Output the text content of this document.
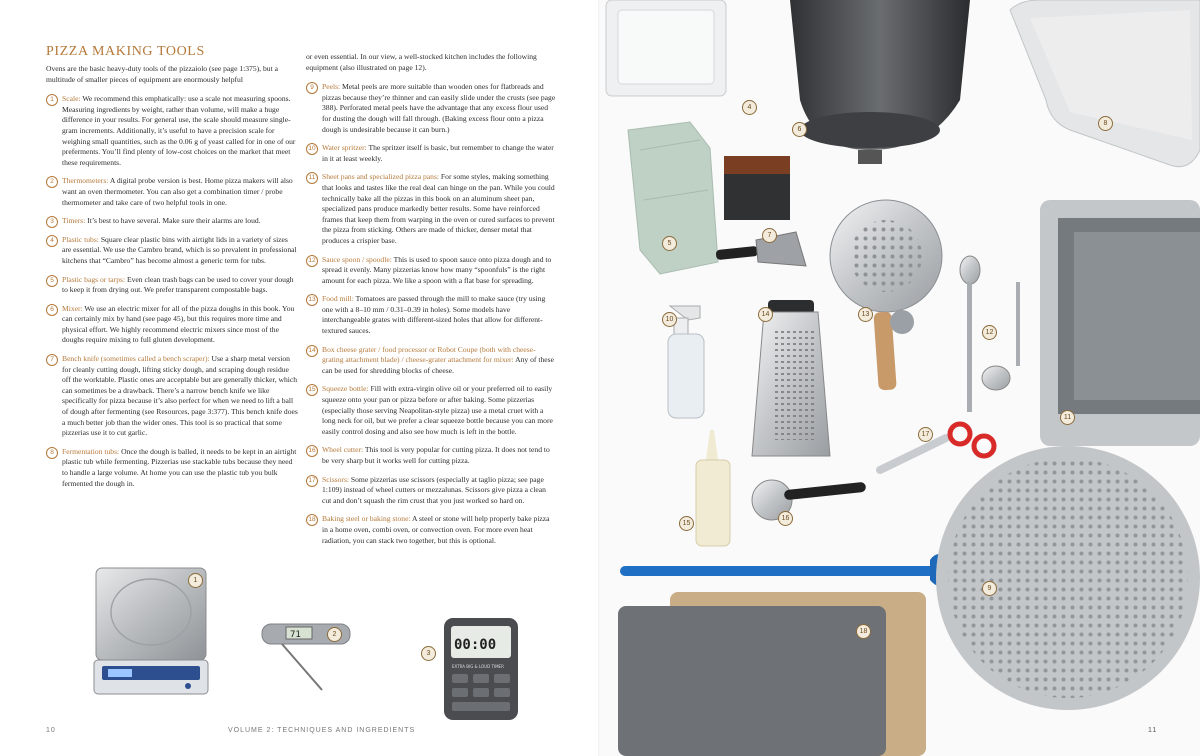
PIZZA MAKING TOOLS

Ovens are the basic heavy-duty tools of the pizzaiolo (see page 1:375), but a multitude of smaller pieces of equipment are enormously helpful

1	Scale: We recommend this emphatically: use a scale not measuring spoons. Measuring ingredients by weight, rather than volume, will make a huge difference in your results. For general use, the scale should measure single-gram increments. Additionally, it’s useful to have a precision scale for weighing small quantities, such as the 0.06 g of yeast called for in one of our preferments. You’ll find plenty of low-cost choices on the market that meet these requirements.
2	Thermometers: A digital probe version is best. Home pizza makers will also want an oven thermometer. You can also get a combination timer / probe thermometer and take care of two helpful tools in one.
3	Timers: It’s best to have several. Make sure their alarms are loud.
4	Plastic tubs: Square clear plastic bins with airtight lids in a variety of sizes are essential. We use the Cambro brand, which is so prevalent in professional kitchens that “Cambro” has become almost a generic term for tubs.
5	Plastic bags or tarps: Even clean trash bags can be used to cover your dough to keep it from drying out. We prefer transparent compostable bags.
6	Mixer: We use an electric mixer for all of the pizza doughs in this book. You can certainly mix by hand (see page 45), but this requires more time and physical effort. We highly recommend electric mixers since most of the doughs require mixing to full gluten development.
7	Bench knife (sometimes called a bench scraper): Use a sharp metal version for cleanly cutting dough, lifting sticky dough, and scraping dough residue off the worktable. Plastic ones are acceptable but are generally thicker, which can sometimes be a drawback. There’s a narrow bench knife we like specifically for pizza because it’s also perfect for when we need to lift a ball of dough after fermenting (see Resources, page 3:377). This bench knife does a much better job than the wider ones. This tool is so practical that some pizzerias use it to cut garlic.
8	Fermentation tubs: Once the dough is balled, it needs to be kept in an airtight plastic tub while fermenting. Pizzerias use stackable tubs because they need to handle a large volume. At home you can use the plastic tub you bulk fermented the dough in.

or even essential. In our view, a well-stocked kitchen includes the following equipment (also illustrated on page 12).

9	Peels: Metal peels are more suitable than wooden ones for flatbreads and pizzas because they’re thinner and can easily slide under the crusts (see page 388). Perforated metal peels have the advantage that any excess flour used for dusting the dough will fall through. (Baking excess flour onto a pizza dough is undesirable because it can burn.)
10 Water spritzer: The spritzer itself is basic, but remember to change the water in it at least weekly.
11 Sheet pans and specialized pizza pans: For some styles, making something that looks and tastes like the real deal can hinge on the pan. While you could technically bake all the pizzas in this book on an aluminum sheet pan, specialized pans produce markedly better results. Some have reinforced frames that keep them from warping in the oven or cured surfaces to prevent the pizza from sticking. Others are made of thicker, denser metal that produces a crispier base.
12 Sauce spoon / spoodle: This is used to spoon sauce onto pizza dough and to spread it evenly. Many pizzerias know how many “spoonfuls” is the right amount for each pizza. We like a spoon with a flat base for spreading.
13 Food mill: Tomatoes are passed through the mill to make sauce (try using one with a 8–10 mm / 0.31–0.39 in holes). Some models have interchangeable grates with different-sized holes that allow for different-textured sauces.
14 Box cheese grater / food processor or Robot Coupe (both with cheese-grating attachment blade) / cheese-grater attachment for mixer: Any of these can be used for shredding blocks of cheese.
15 Squeeze bottle: Fill with extra-virgin olive oil or your preferred oil to easily squeeze onto your pan or pizza before or after baking. Some pizzerias (especially those serving Neapolitan-style pizza) use a metal cruet with a long neck for oil, but we prefer a clear squeeze bottle because you can more easily control dosing and also see how much is left in the bottle.
16 Wheel cutter: This tool is very popular for cutting pizza. It does not tend to be very sharp but it works well for cutting pizza.
17 Scissors: Some pizzerias use scissors (especially at taglio pizza; see page 1:109) instead of wheel cutters or mezzalunas. Scissors give pizza a clean cut and don’t squash the rim crust that you just worked so hard on.
18 Baking steel or baking stone: A steel or stone will help properly bake pizza in a home oven, combi oven, or convection oven. For more even heat radiation, you can stack two together, but this is optional.
1
71	2
00:00
EXTRA BIG & LOUD TIMER
3
10	VOLUME 2: TECHNIQUES AND INGREDIENTS
4
5
6
7
8
9
10
11
12
13
14
15
16
17
18
11
